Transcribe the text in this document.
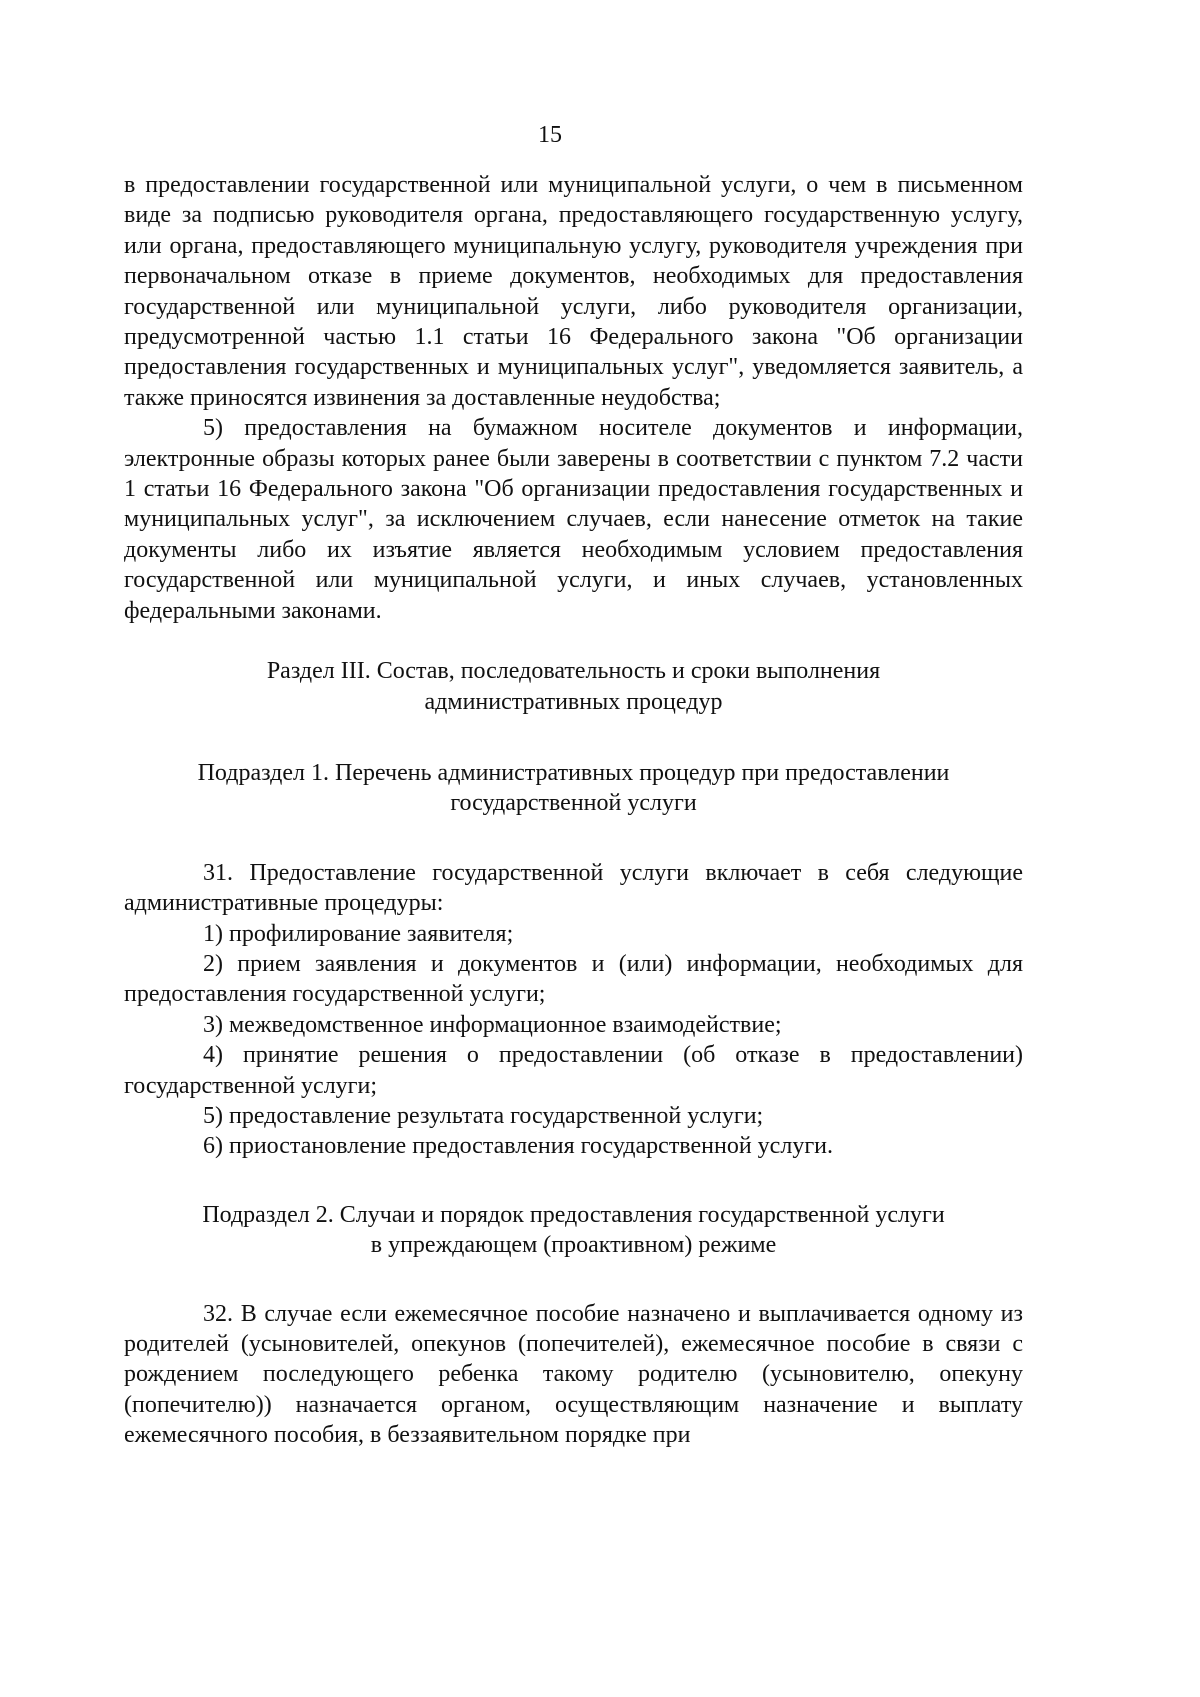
15

в предоставлении государственной или муниципальной услуги, о чем в письменном виде за подписью руководителя органа, предоставляющего государственную услугу, или органа, предоставляющего муниципальную услугу, руководителя учреждения при первоначальном отказе в приеме документов, необходимых для предоставления государственной или муниципальной услуги, либо руководителя организации, предусмотренной частью 1.1 статьи 16 Федерального закона "Об организации предоставления государственных и муниципальных услуг", уведомляется заявитель, а также приносятся извинения за доставленные неудобства;

5) предоставления на бумажном носителе документов и информации, электронные образы которых ранее были заверены в соответствии с пунктом 7.2 части 1 статьи 16 Федерального закона "Об организации предоставления государственных и муниципальных услуг", за исключением случаев, если нанесение отметок на такие документы либо их изъятие является необходимым условием предоставления государственной или муниципальной услуги, и иных случаев, установленных федеральными законами.

Раздел III. Состав, последовательность и сроки выполнения

административных процедур

Подраздел 1. Перечень административных процедур при предоставлении

государственной услуги

31. Предоставление государственной услуги включает в себя следующие административные процедуры:

1) профилирование заявителя;

2) прием заявления и документов и (или) информации, необходимых для предоставления государственной услуги;

3) межведомственное информационное взаимодействие;

4) принятие решения о предоставлении (об отказе в предоставлении) государственной услуги;

5) предоставление результата государственной услуги;

6) приостановление предоставления государственной услуги.

Подраздел 2. Случаи и порядок предоставления государственной услуги

в упреждающем (проактивном) режиме

32. В случае если ежемесячное пособие назначено и выплачивается одному из родителей (усыновителей, опекунов (попечителей), ежемесячное пособие в связи с рождением последующего ребенка такому родителю (усыновителю, опекуну (попечителю)) назначается органом, осуществляющим назначение и выплату ежемесячного пособия, в беззаявительном порядке при
